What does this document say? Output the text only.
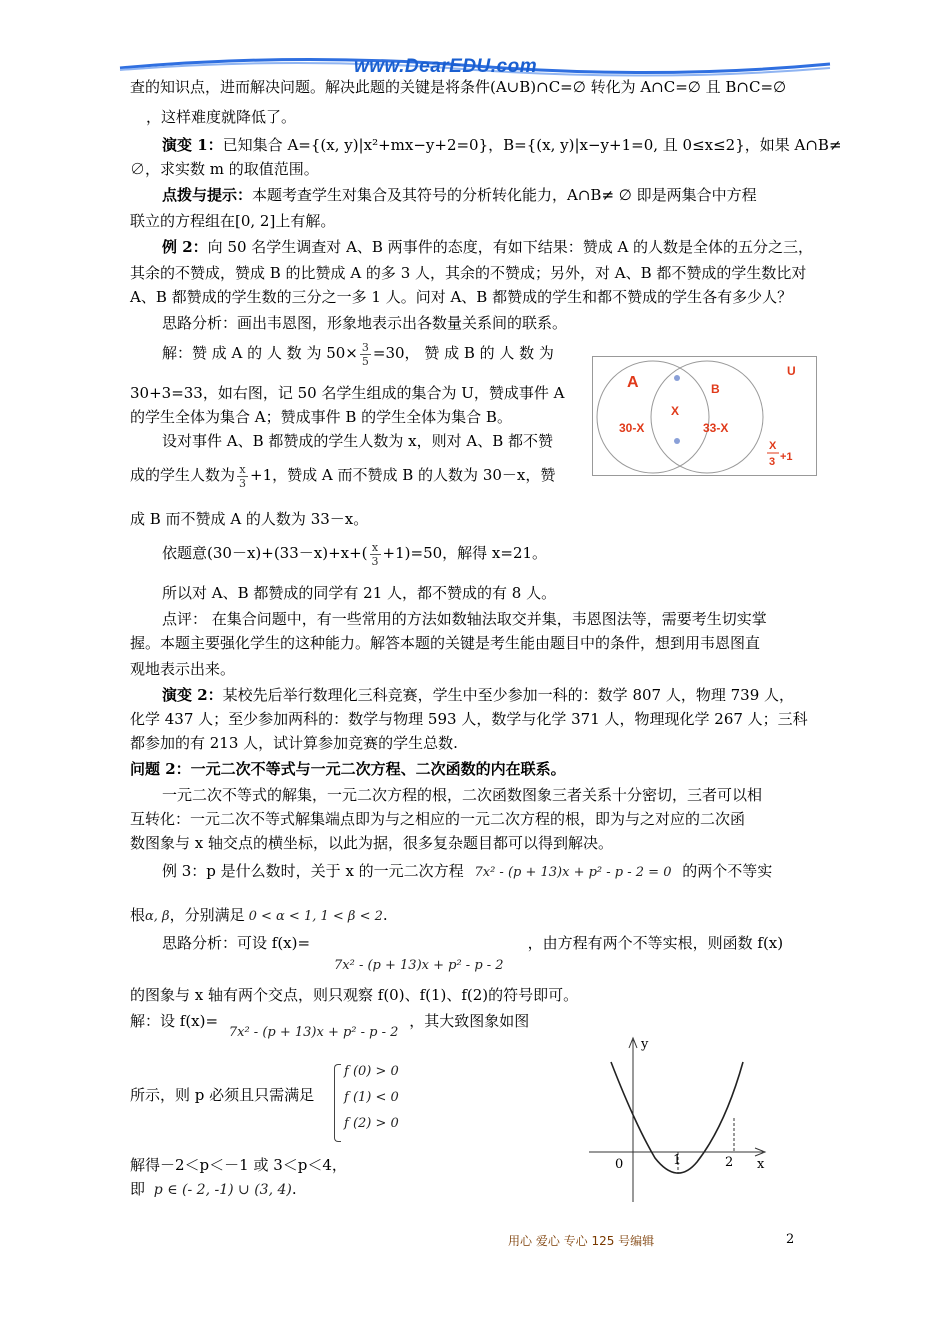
www.DearEDU.com
查的知识点，进而解决问题。解决此题的关键是将条件(A∪B)∩C=∅ 转化为 A∩C=∅ 且 B∩C=∅
，这样难度就降低了。
演变 1：已知集合 A={(x, y)|x²+mx−y+2=0}，B={(x, y)|x−y+1=0, 且 0≤x≤2}，如果 A∩B≠
∅，求实数 m 的取值范围。
点拨与提示：本题考查学生对集合及其符号的分析转化能力，A∩B≠ ∅ 即是两集合中方程
联立的方程组在[0, 2]上有解。
例 2：向 50 名学生调查对 A、B 两事件的态度，有如下结果：赞成 A 的人数是全体的五分之三，
其余的不赞成，赞成 B 的比赞成 A 的多 3 人，其余的不赞成；另外，对 A、B 都不赞成的学生数比对
A、B 都赞成的学生数的三分之一多 1 人。问对 A、B 都赞成的学生和都不赞成的学生各有多少人？
思路分析：画出韦恩图，形象地表示出各数量关系间的联系。
解：赞 成 A 的 人 数 为 $50\times \frac{3}{5} =30$， 赞 成 B 的 人 数 为
30+3=33，如右图，记 50 名学生组成的集合为 U，赞成事件 A
的学生全体为集合 A；赞成事件 B 的学生全体为集合 B。
设对事件 A、B 都赞成的学生人数为 x，则对 A、B 都不赞
成的学生人数为 $\frac{x}{3} +1$，赞成 A 而不赞成 B 的人数为 30－x，赞
成 B 而不赞成 A 的人数为 33－x。
依题意$(30-x)+(33-x)+x+( \frac{x}{3} +1)=50$，解得 x=21。
所以对 A、B 都赞成的同学有 21 人，都不赞成的有 8 人。
点评： 在集合问题中，有一些常用的方法如数轴法取交并集，韦恩图法等，需要考生切实掌
握。本题主要强化学生的这种能力。解答本题的关键是考生能由题目中的条件，想到用韦恩图直
观地表示出来。
演变 2：某校先后举行数理化三科竞赛，学生中至少参加一科的：数学 807 人，物理 739 人，
化学 437 人；至少参加两科的：数学与物理 593 人，数学与化学 371 人，物理现化学 267 人；三科
都参加的有 213 人，试计算参加竞赛的学生总数.
问题 2：一元二次不等式与一元二次方程、二次函数的内在联系。
一元二次不等式的解集，一元二次方程的根，二次函数图象三者关系十分密切，三者可以相
互转化：一元二次不等式解集端点即为与之相应的一元二次方程的根，即为与之对应的二次函
数图象与 x 轴交点的横坐标，以此为据，很多复杂题目都可以得到解决。
例 3：p 是什么数时，关于 x 的一元二次方程 7x² - (p + 13)x + p² - p - 2 = 0 的两个不等实
根α, β，分别满足 0 < α < 1, 1 < β < 2.
思路分析：可设 f(x)=	，由方程有两个不等实根，则函数 f(x)
7x² - (p + 13)x + p² - p - 2
的图象与 x 轴有两个交点，则只观察 f(0)、f(1)、f(2)的符号即可。
解：设 f(x)= 7x² - (p + 13)x + p² - p - 2 ，其大致图象如图
所示，则 p 必须且只需满足
f (0) > 0
f (1) < 0
f (2) > 0
解得－2＜p＜－1 或 3＜p＜4，
即 p ∈ (- 2, -1) ∪ (3, 4).
U
A	B
30-X
X
33-X
X
3 +1
y
x
0	1	2
用心 爱心 专心 125 号编辑	2
